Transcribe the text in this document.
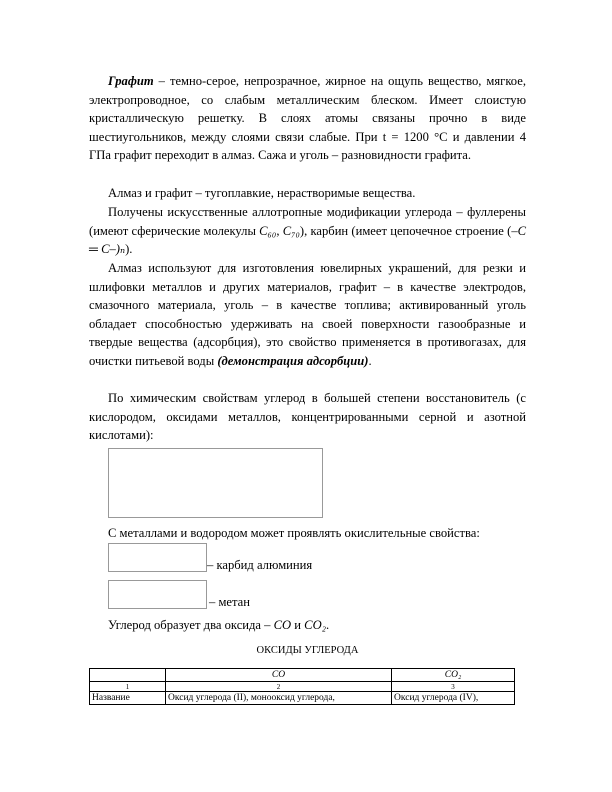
Графит – темно-серое, непрозрачное, жирное на ощупь вещество, мягкое, электропроводное, со слабым металлическим блеском. Имеет слоистую кристаллическую решетку. В слоях атомы связаны прочно в виде шестиугольников, между слоями связи слабые. При t = 1200 °C и давлении 4 ГПа графит переходит в алмаз. Сажа и уголь – разновидности графита.

Алмаз и графит – тугоплавкие, нерастворимые вещества.

Получены искусственные аллотропные модификации углерода – фуллерены (имеют сферические молекулы C₆₀, C₇₀), карбин (имеет цепочечное строение (–C ═ C–)ₙ).

Алмаз используют для изготовления ювелирных украшений, для резки и шлифовки металлов и других материалов, графит – в качестве электродов, смазочного материала, уголь – в качестве топлива; активированный уголь обладает способностью удерживать на своей поверхности газообразные и твердые вещества (адсорбция), это свойство применяется в противогазах, для очистки питьевой воды (демонстрация адсорбции).

По химическим свойствам углерод в большей степени восстановитель (с кислородом, оксидами металлов, концентрированными серной и азотной кислотами):

С металлами и водородом может проявлять окислительные свойства:

– карбид алюминия
– метан

Углерод образует два оксида – CO и CO₂.

ОКСИДЫ УГЛЕРОДА
	CO	CO₂
1	2	3
Название	Оксид углерода (II), монооксид углерода,	Оксид углерода (IV),
